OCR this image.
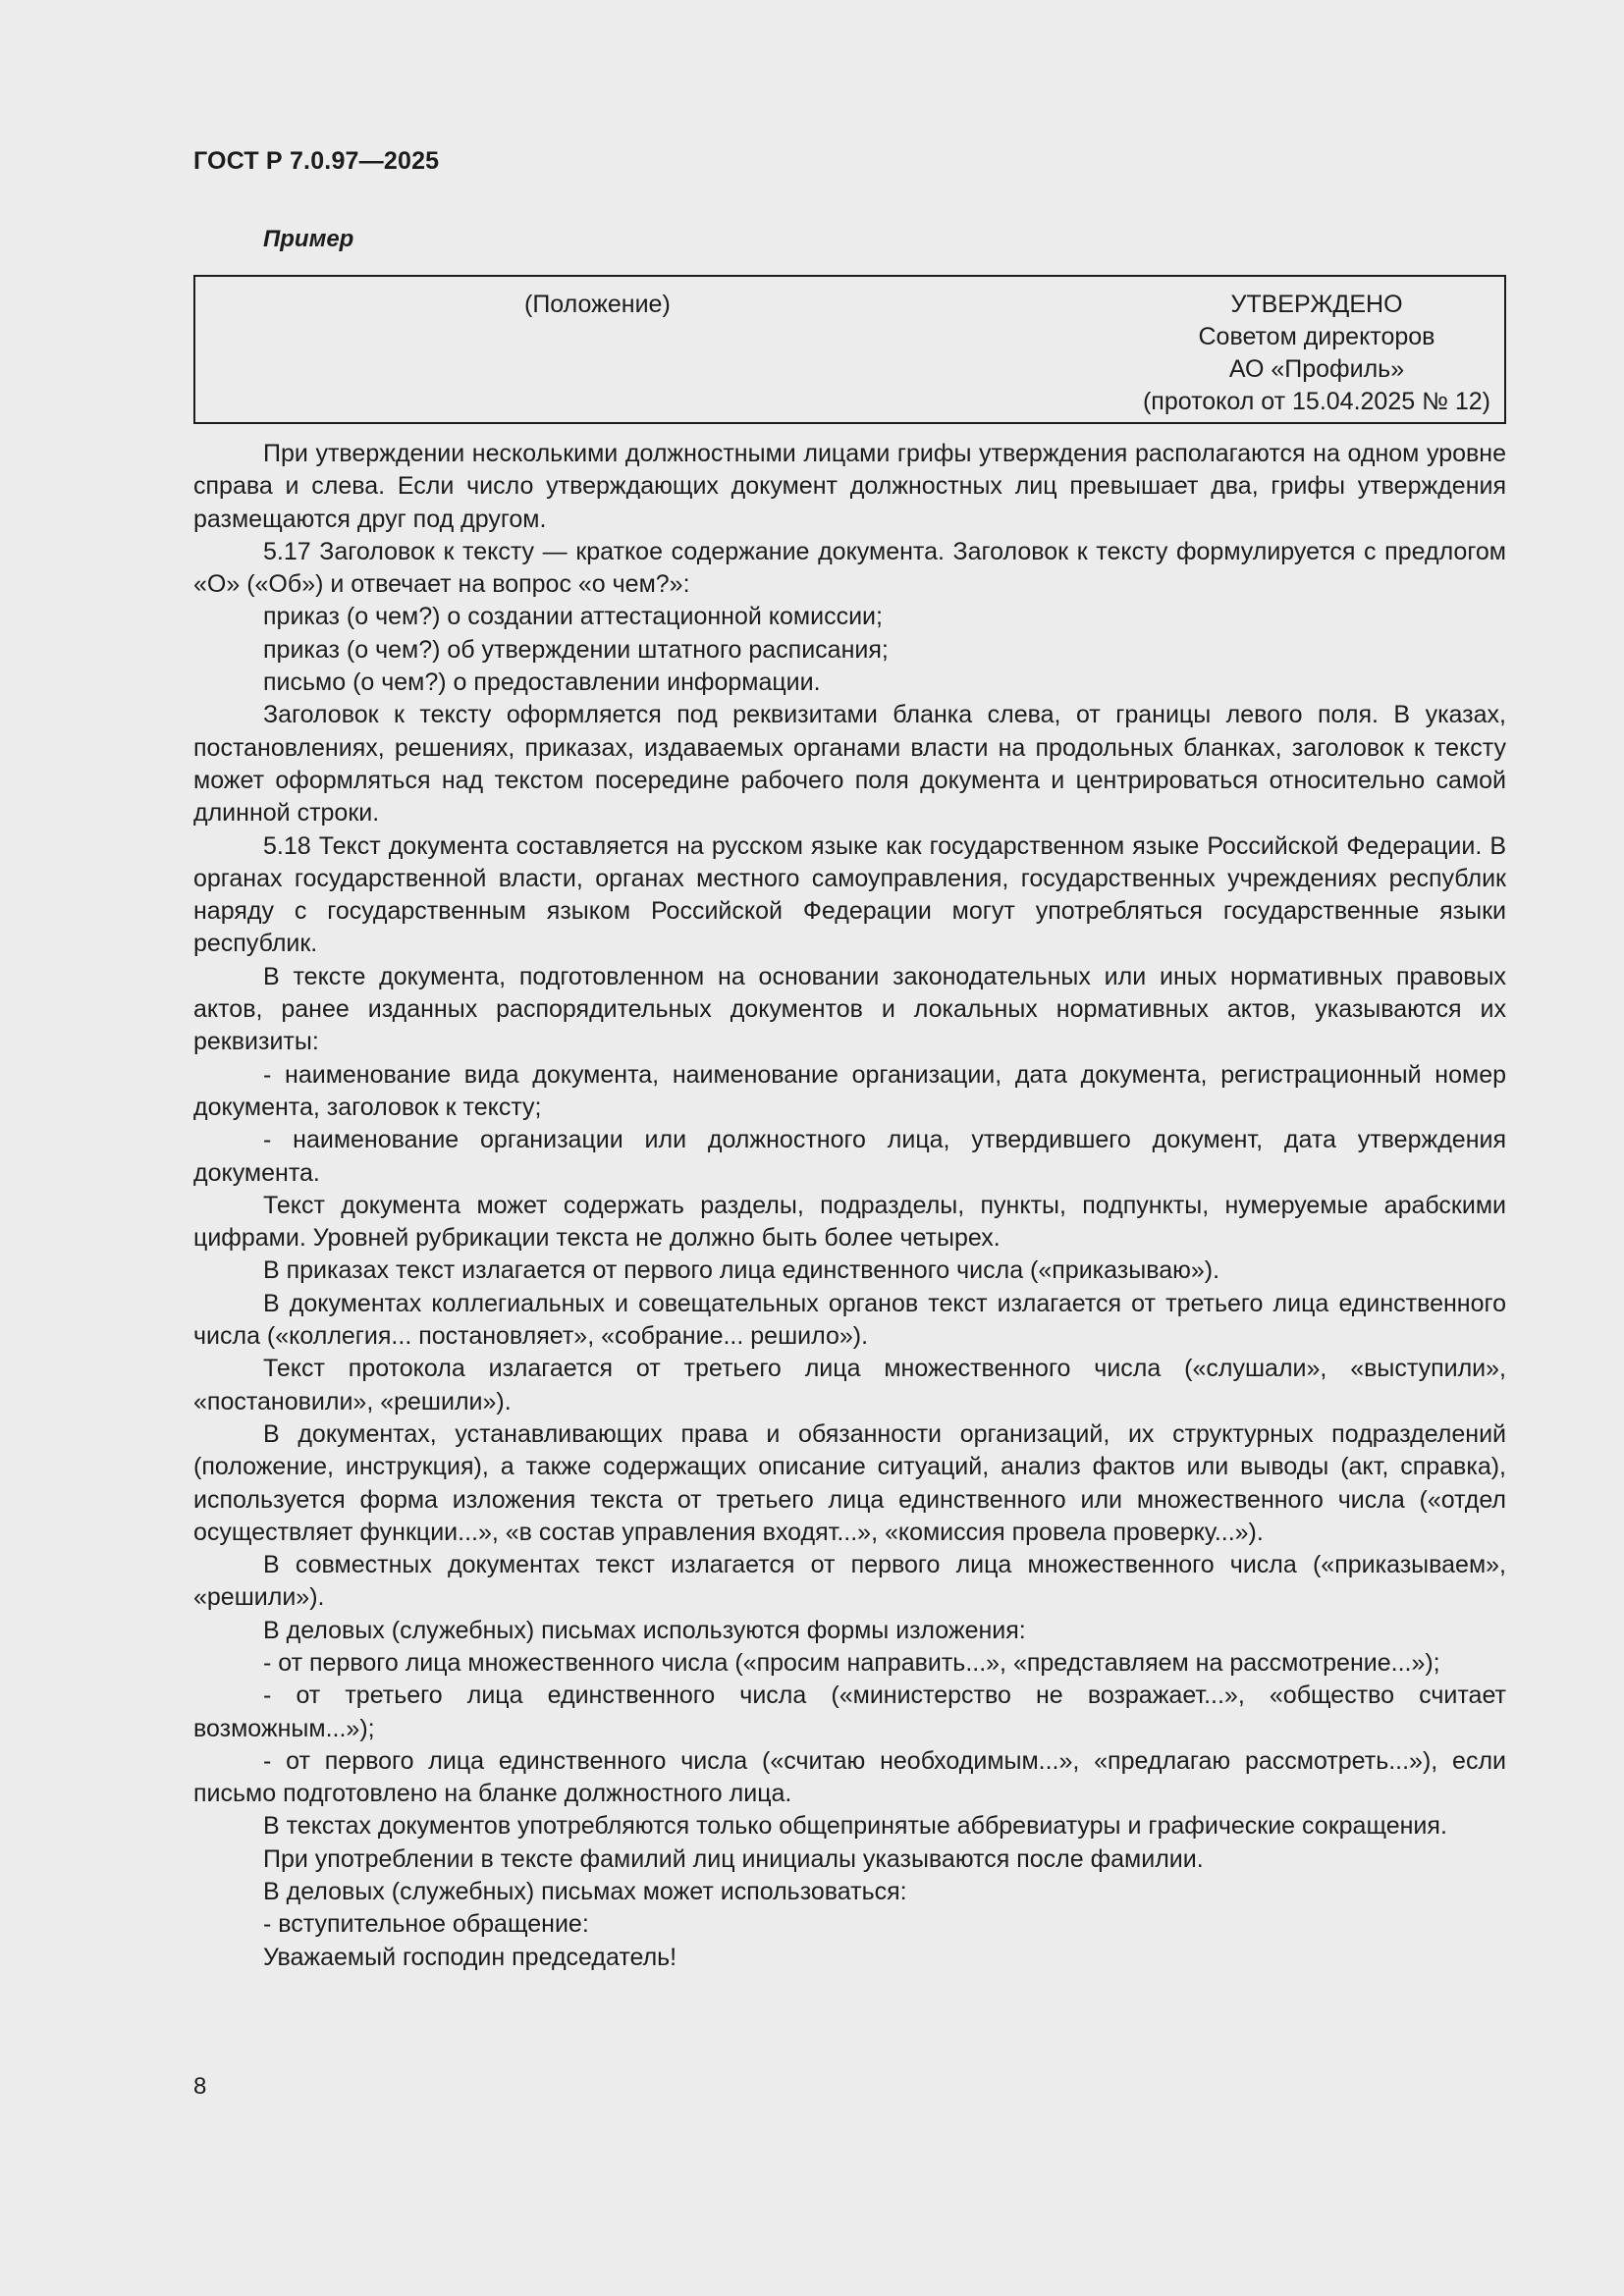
ГОСТ Р 7.0.97—2025
Пример
(Положение)	УТВЕРЖДЕНО
Советом директоров
АО «Профиль»
(протокол от 15.04.2025 № 12)

При утверждении несколькими должностными лицами грифы утверждения располагаются на одном уровне справа и слева. Если число утверждающих документ должностных лиц превышает два, грифы утверждения размещаются друг под другом.

5.17 Заголовок к тексту — краткое содержание документа. Заголовок к тексту формулируется с предлогом «О» («Об») и отвечает на вопрос «о чем?»:

приказ (о чем?) о создании аттестационной комиссии;

приказ (о чем?) об утверждении штатного расписания;

письмо (о чем?) о предоставлении информации.

Заголовок к тексту оформляется под реквизитами бланка слева, от границы левого поля. В указах, постановлениях, решениях, приказах, издаваемых органами власти на продольных бланках, заголовок к тексту может оформляться над текстом посередине рабочего поля документа и центрироваться относительно самой длинной строки.

5.18 Текст документа составляется на русском языке как государственном языке Российской Федерации. В органах государственной власти, органах местного самоуправления, государственных учреждениях республик наряду с государственным языком Российской Федерации могут употребляться государственные языки республик.

В тексте документа, подготовленном на основании законодательных или иных нормативных правовых актов, ранее изданных распорядительных документов и локальных нормативных актов, указываются их реквизиты:

- наименование вида документа, наименование организации, дата документа, регистрационный номер документа, заголовок к тексту;

- наименование организации или должностного лица, утвердившего документ, дата утверждения документа.

Текст документа может содержать разделы, подразделы, пункты, подпункты, нумеруемые арабскими цифрами. Уровней рубрикации текста не должно быть более четырех.

В приказах текст излагается от первого лица единственного числа («приказываю»).

В документах коллегиальных и совещательных органов текст излагается от третьего лица единственного числа («коллегия... постановляет», «собрание... решило»).

Текст протокола излагается от третьего лица множественного числа («слушали», «выступили», «постановили», «решили»).

В документах, устанавливающих права и обязанности организаций, их структурных подразделений (положение, инструкция), а также содержащих описание ситуаций, анализ фактов или выводы (акт, справка), используется форма изложения текста от третьего лица единственного или множественного числа («отдел осуществляет функции...», «в состав управления входят...», «комиссия провела проверку...»).

В совместных документах текст излагается от первого лица множественного числа («приказываем», «решили»).

В деловых (служебных) письмах используются формы изложения:

- от первого лица множественного числа («просим направить...», «представляем на рассмотрение...»);

- от третьего лица единственного числа («министерство не возражает...», «общество считает возможным...»);

- от первого лица единственного числа («считаю необходимым...», «предлагаю рассмотреть...»), если письмо подготовлено на бланке должностного лица.

В текстах документов употребляются только общепринятые аббревиатуры и графические сокращения.

При употреблении в тексте фамилий лиц инициалы указываются после фамилии.

В деловых (служебных) письмах может использоваться:

- вступительное обращение:

Уважаемый господин председатель!

8
